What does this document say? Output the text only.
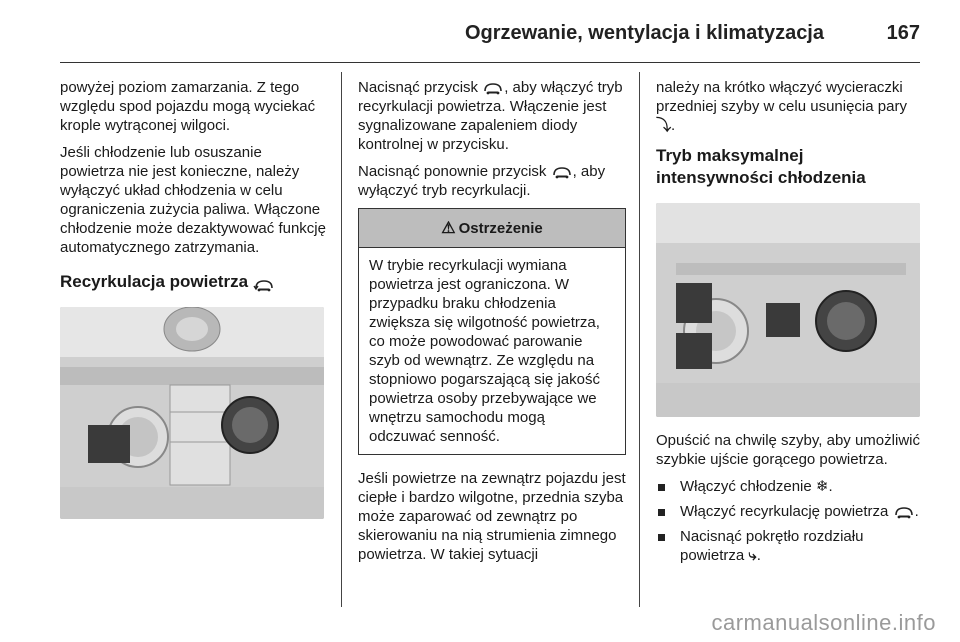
Ogrzewanie, wentylacja i klimatyzacja	167

powyżej poziom zamarzania. Z tego względu spod pojazdu mogą wyciekać krople wytrąconej wilgoci.

Jeśli chłodzenie lub osuszanie powietrza nie jest konieczne, należy wyłączyć układ chłodzenia w celu ograniczenia zużycia paliwa. Włączone chłodzenie może dezaktywować funkcję automatycznego zatrzymania.

Recyrkulacja powietrza

Nacisnąć przycisk , aby włączyć tryb recyrkulacji powietrza. Włączenie jest sygnalizowane zapaleniem diody kontrolnej w przycisku.

Nacisnąć ponownie przycisk , aby wyłączyć tryb recyrkulacji.

⚠ Ostrzeżenie
W trybie recyrkulacji wymiana powietrza jest ograniczona. W przypadku braku chłodzenia zwiększa się wilgotność powietrza, co może powodować parowanie szyb od wewnątrz. Ze względu na stopniowo pogarszającą się jakość powietrza osoby przebywające we wnętrzu samochodu mogą odczuwać senność.

Jeśli powietrze na zewnątrz pojazdu jest ciepłe i bardzo wilgotne, przednia szyba może zaparować od zewnątrz po skierowaniu na nią strumienia zimnego powietrza. W takiej sytuacji

należy na krótko włączyć wycieraczki przedniej szyby w celu usunięcia pary ⤵.

Tryb maksymalnej intensywności chłodzenia

Opuścić na chwilę szyby, aby umożliwić szybkie ujście gorącego powietrza.

Włączyć chłodzenie ❄.
Włączyć recyrkulację powietrza .
Nacisnąć pokrętło rozdziału powietrza ⤷.
carmanualsonline.info
